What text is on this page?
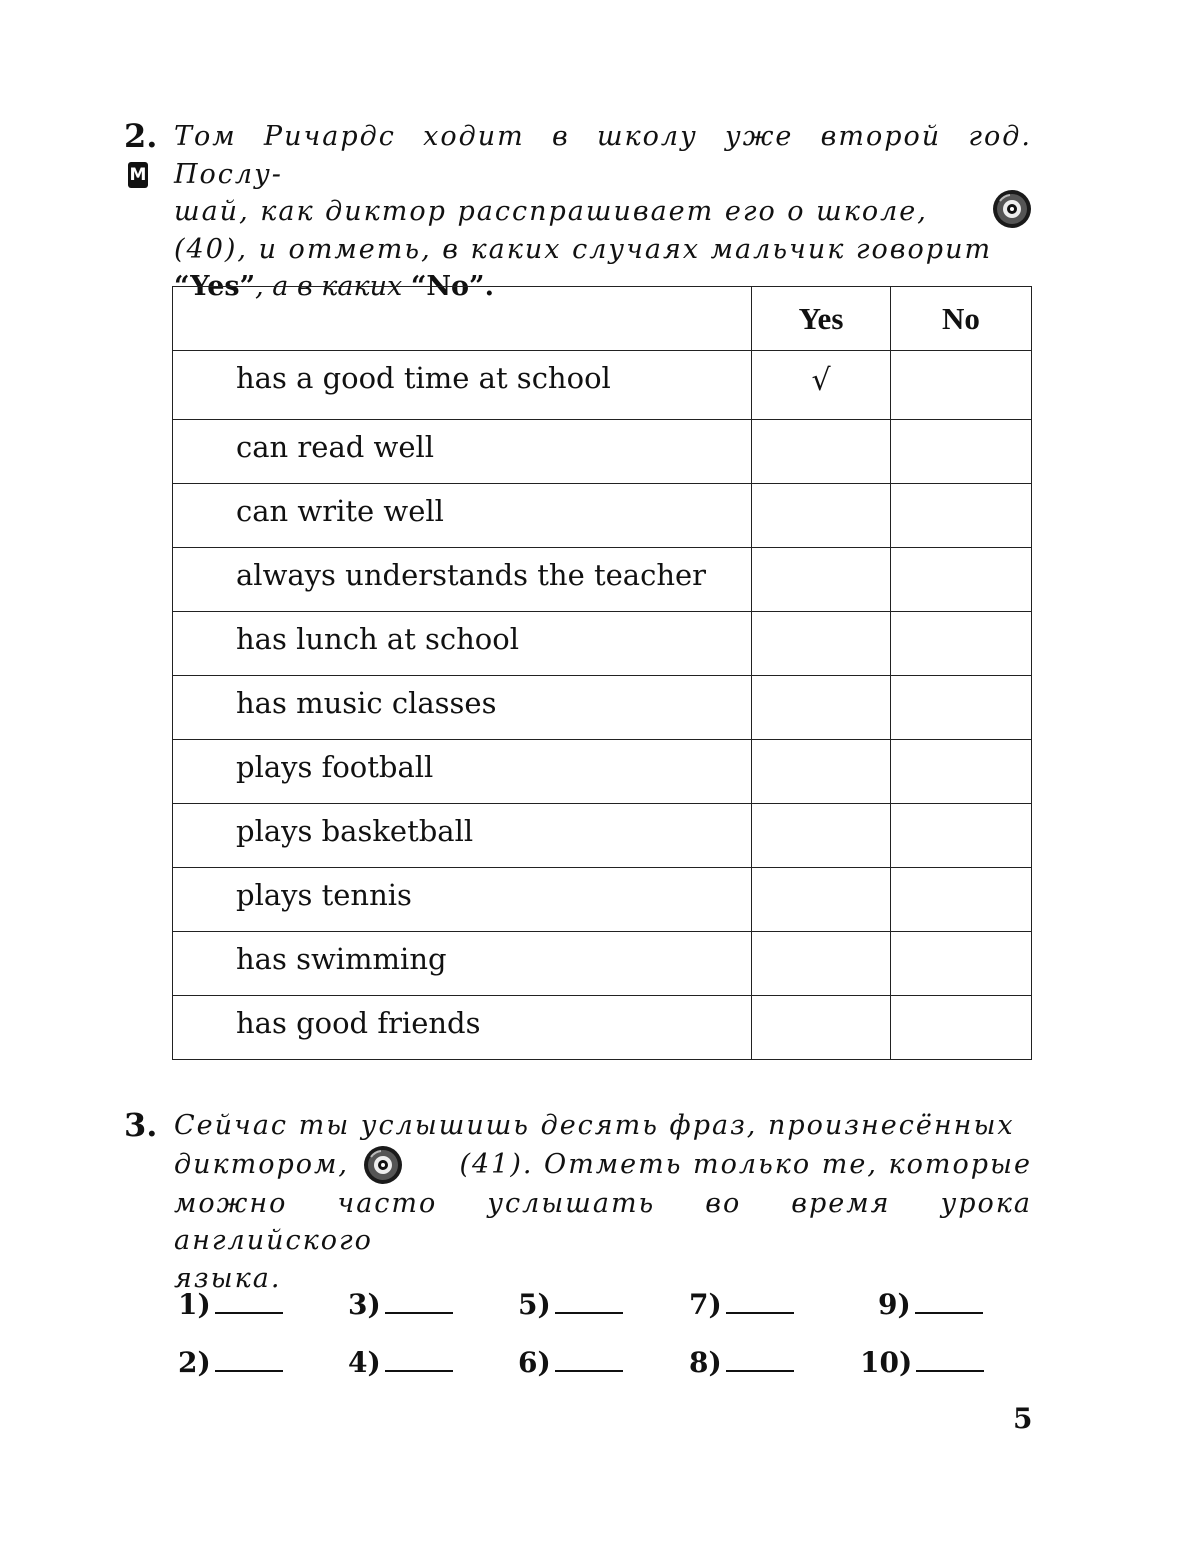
2.
М
Том Ричардс ходит в школу уже второй год. Послу-
шай, как диктор расспрашивает его о школе,
(40), и отметь, в каких случаях мальчик говорит
“Yes”, а в каких “No”.
	Yes	No
has a good time at school	√	
can read well		
can write well		
always understands the teacher		
has lunch at school		
has music classes		
plays football		
plays basketball		
plays tennis		
has swimming		
has good friends		
3. Сейчас ты услышишь десять фраз, произнесённых
диктором,	(41). Отметь только те, которые
можно часто услышать во время урока английского
языка.
1)
2)
3)
4)
5)
6)
7)
8)
9)
10)
5
